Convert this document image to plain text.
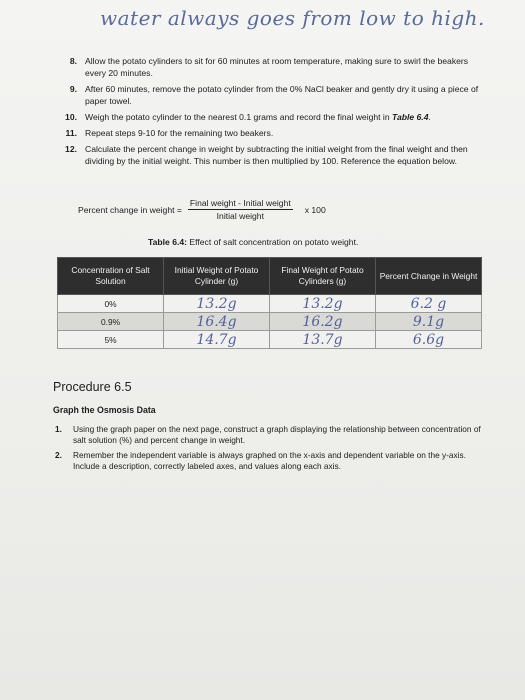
water always goes from low to high.
8. Allow the potato cylinders to sit for 60 minutes at room temperature, making sure to swirl the beakers every 20 minutes.
9. After 60 minutes, remove the potato cylinder from the 0% NaCl beaker and gently dry it using a piece of paper towel.
10. Weigh the potato cylinder to the nearest 0.1 grams and record the final weight in Table 6.4.
11. Repeat steps 9-10 for the remaining two beakers.
12. Calculate the percent change in weight by subtracting the initial weight from the final weight and then dividing by the initial weight. This number is then multiplied by 100. Reference the equation below.
Percent change in weight = $\frac{\text{Final weight - Initial weight}}{\text{Initial weight}}$ x 100
Table 6.4: Effect of salt concentration on potato weight.
Concentration of Salt Solution	Initial Weight of Potato Cylinder (g)	Final Weight of Potato Cylinders (g)	Percent Change in Weight
0%	13.2g	13.2g	6.2 g
0.9%	16.4g	16.2g	9.1g
5%	14.7g	13.7g	6.6g
Procedure 6.5
Graph the Osmosis Data
1.	Using the graph paper on the next page, construct a graph displaying the relationship between concentration of salt solution (%) and percent change in weight.
2.	Remember the independent variable is always graphed on the x-axis and dependent variable on the y-axis. Include a description, correctly labeled axes, and values along each axis.
